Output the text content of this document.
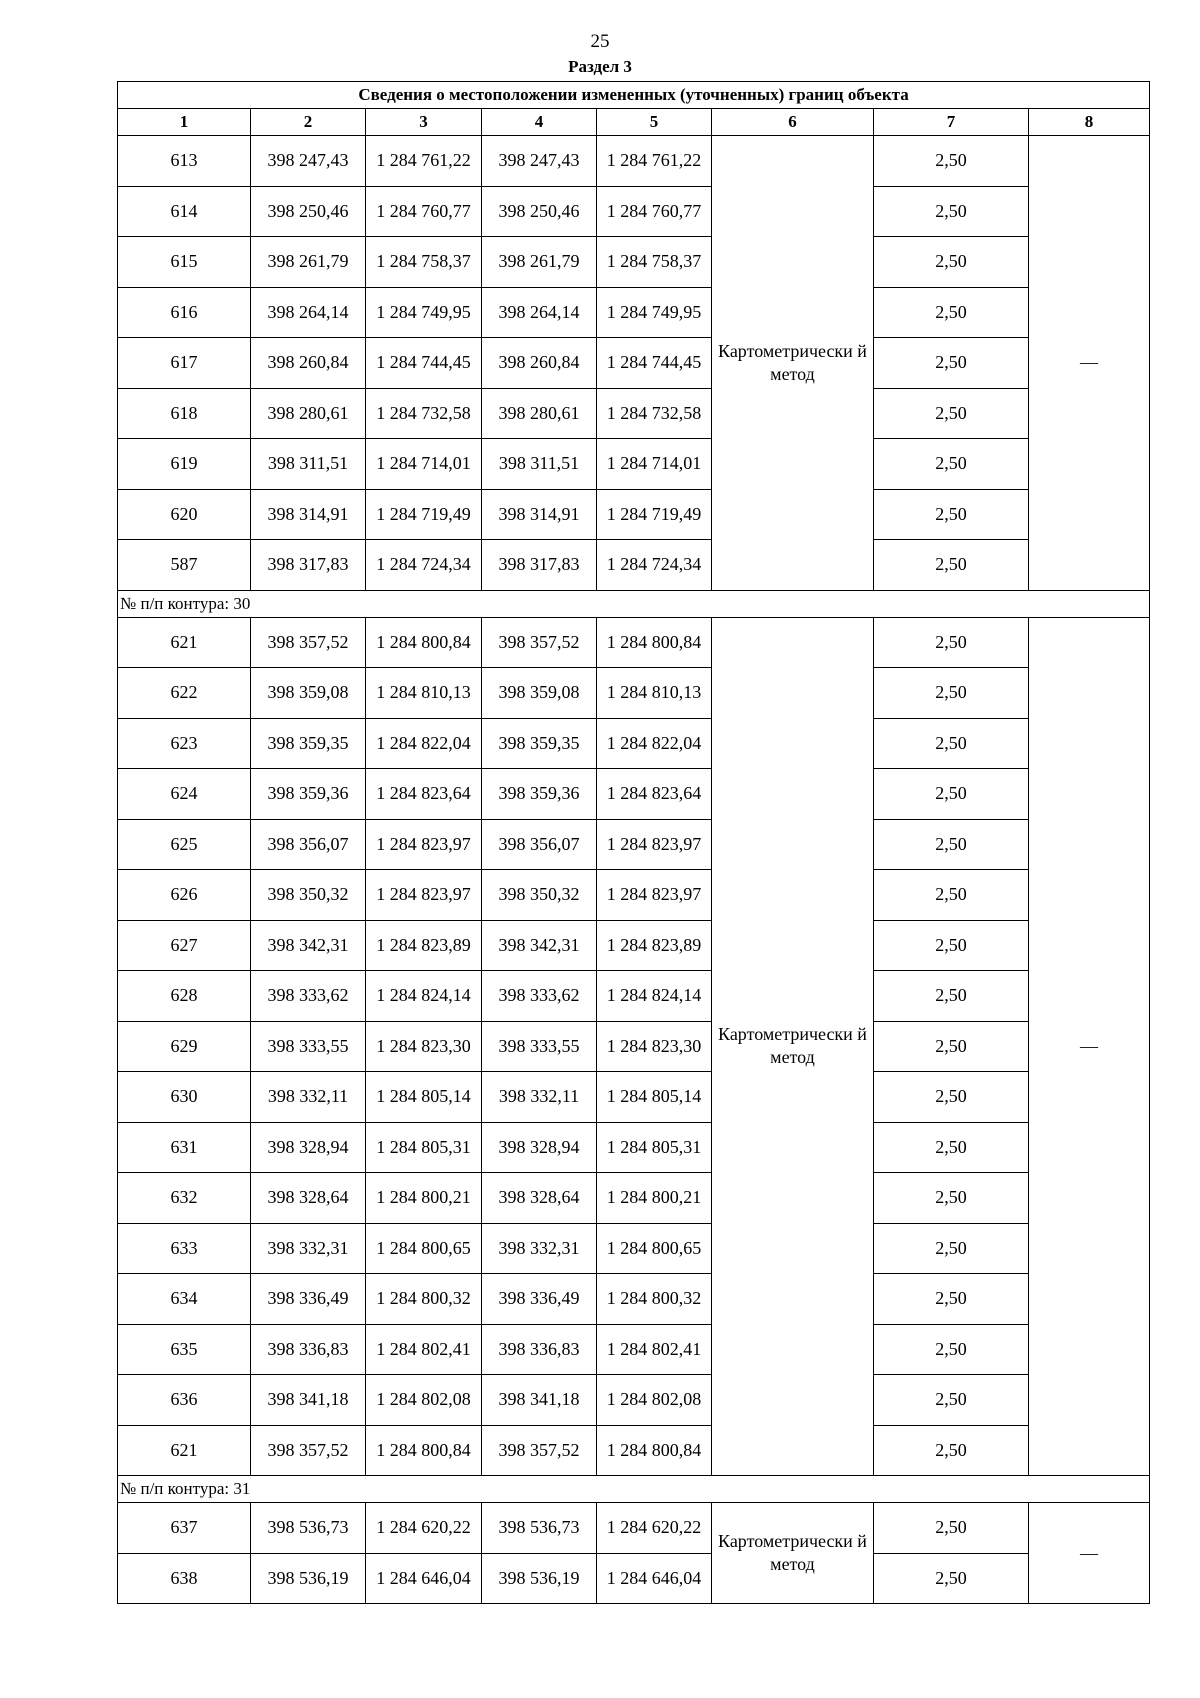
25
Раздел 3
Сведения о местоположении измененных (уточненных) границ объекта							
1	2	3	4	5	6	7	8
613	398 247,43	1 284 761,22	398 247,43	1 284 761,22	Картометрически й метод	2,50	—
614	398 250,46	1 284 760,77	398 250,46	1 284 760,77		2,50	
615	398 261,79	1 284 758,37	398 261,79	1 284 758,37		2,50	
616	398 264,14	1 284 749,95	398 264,14	1 284 749,95		2,50	
617	398 260,84	1 284 744,45	398 260,84	1 284 744,45		2,50	
618	398 280,61	1 284 732,58	398 280,61	1 284 732,58		2,50	
619	398 311,51	1 284 714,01	398 311,51	1 284 714,01		2,50	
620	398 314,91	1 284 719,49	398 314,91	1 284 719,49		2,50	
587	398 317,83	1 284 724,34	398 317,83	1 284 724,34		2,50	
№ п/п контура: 30							
621	398 357,52	1 284 800,84	398 357,52	1 284 800,84	Картометрически й метод	2,50	—
622	398 359,08	1 284 810,13	398 359,08	1 284 810,13		2,50	
623	398 359,35	1 284 822,04	398 359,35	1 284 822,04		2,50	
624	398 359,36	1 284 823,64	398 359,36	1 284 823,64		2,50	
625	398 356,07	1 284 823,97	398 356,07	1 284 823,97		2,50	
626	398 350,32	1 284 823,97	398 350,32	1 284 823,97		2,50	
627	398 342,31	1 284 823,89	398 342,31	1 284 823,89		2,50	
628	398 333,62	1 284 824,14	398 333,62	1 284 824,14		2,50	
629	398 333,55	1 284 823,30	398 333,55	1 284 823,30		2,50	
630	398 332,11	1 284 805,14	398 332,11	1 284 805,14		2,50	
631	398 328,94	1 284 805,31	398 328,94	1 284 805,31		2,50	
632	398 328,64	1 284 800,21	398 328,64	1 284 800,21		2,50	
633	398 332,31	1 284 800,65	398 332,31	1 284 800,65		2,50	
634	398 336,49	1 284 800,32	398 336,49	1 284 800,32		2,50	
635	398 336,83	1 284 802,41	398 336,83	1 284 802,41		2,50	
636	398 341,18	1 284 802,08	398 341,18	1 284 802,08		2,50	
621	398 357,52	1 284 800,84	398 357,52	1 284 800,84		2,50	
№ п/п контура: 31							
637	398 536,73	1 284 620,22	398 536,73	1 284 620,22	Картометрически й метод	2,50	—
638	398 536,19	1 284 646,04	398 536,19	1 284 646,04		2,50	
